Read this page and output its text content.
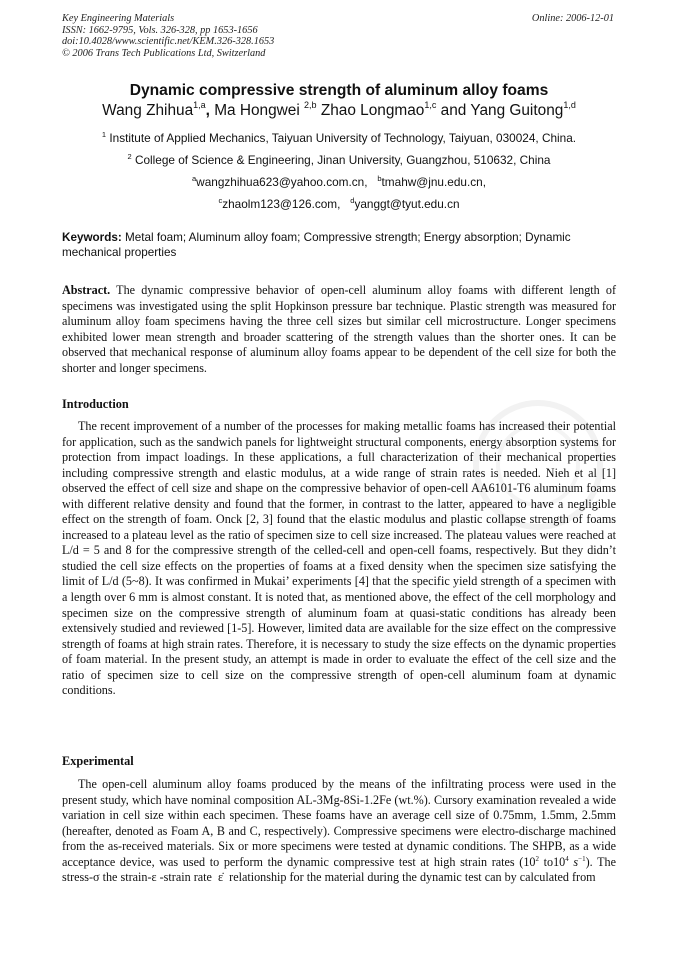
Key Engineering Materials
ISSN: 1662-9795, Vols. 326-328, pp 1653-1656
doi:10.4028/www.scientific.net/KEM.326-328.1653
© 2006 Trans Tech Publications Ltd, Switzerland
Online: 2006-12-01
Dynamic compressive strength of aluminum alloy foams
Wang Zhihua$^{1,a}$, Ma Hongwei $^{2,b}$ Zhao Longmao$^{1,c}$ and Yang Guitong$^{1,d}$
$^1$ Institute of Applied Mechanics, Taiyuan University of Technology, Taiyuan, 030024, China.
$^2$ College of Science & Engineering, Jinan University, Guangzhou, 510632, China
$^a$wangzhihua623@yahoo.com.cn, $^b$tmahw@jnu.edu.cn,
$^c$zhaolm123@126.com, $^d$yanggt@tyut.edu.cn
Keywords: Metal foam; Aluminum alloy foam; Compressive strength; Energy absorption; Dynamic mechanical properties
Abstract. The dynamic compressive behavior of open-cell aluminum alloy foams with different length of specimens was investigated using the split Hopkinson pressure bar technique. Plastic strength was measured for aluminum alloy foam specimens having the three cell sizes but similar cell microstructure. Longer specimens exhibited lower mean strength and broader scattering of the strength values than the shorter ones. It can be observed that mechanical response of aluminum alloy foams appear to be dependent of the cell size for both the shorter and longer specimens.
Introduction
The recent improvement of a number of the processes for making metallic foams has increased their potential for application, such as the sandwich panels for lightweight structural components, energy absorption systems for protection from impact loadings. In these applications, a full characterization of their mechanical properties including compressive strength and elastic modulus, at a wide range of strain rates is needed. Nieh et al [1] observed the effect of cell size and shape on the compressive behavior of open-cell AA6101-T6 aluminum foams with different relative density and found that the former, in contrast to the latter, appeared to have a negligible effect on the strength of foam. Onck [2, 3] found that the elastic modulus and plastic collapse strength of foams increased to a plateau level as the ratio of specimen size to cell size increased. The plateau values were reached at L/d = 5 and 8 for the compressive strength of the celled-cell and open-cell foams, respectively. But they didn’t studied the cell size effects on the properties of foams at a fixed density when the specimen size satisfying the limit of L/d (5~8). It was confirmed in Mukai’ experiments [4] that the specific yield strength of a specimen with a length over 6 mm is almost constant. It is noted that, as mentioned above, the effect of the cell morphology and specimen size on the compressive strength of aluminum foam at quasi-static conditions has already been extensively studied and reviewed [1-5]. However, limited data are available for the size effect on the compressive strength of foams at high strain rates. Therefore, it is necessary to study the size effects on the dynamic properties of foam material. In the present study, an attempt is made in order to evaluate the effect of the cell size and the ratio of specimen size to cell size on the compressive strength of open-cell aluminum foam at dynamic conditions.
Experimental
The open-cell aluminum alloy foams produced by the means of the infiltrating process were used in the present study, which have nominal composition AL-3Mg-8Si-1.2Fe (wt.%). Cursory examination revealed a wide variation in cell size within each specimen. These foams have an average cell size of 0.75mm, 1.5mm, 2.5mm (hereafter, denoted as Foam A, B and C, respectively). Compressive specimens were electro-discharge machined from the as-received materials. Six or more specimens were tested at dynamic conditions. The SHPB, as a wide acceptance device, was used to perform the dynamic compressive test at high strain rates ($10^2$ $to10^4$ $s^{-1}$). The stress-σ the strain-ε -strain rate ε̇  relationship for the material during the dynamic test can by calculated from
